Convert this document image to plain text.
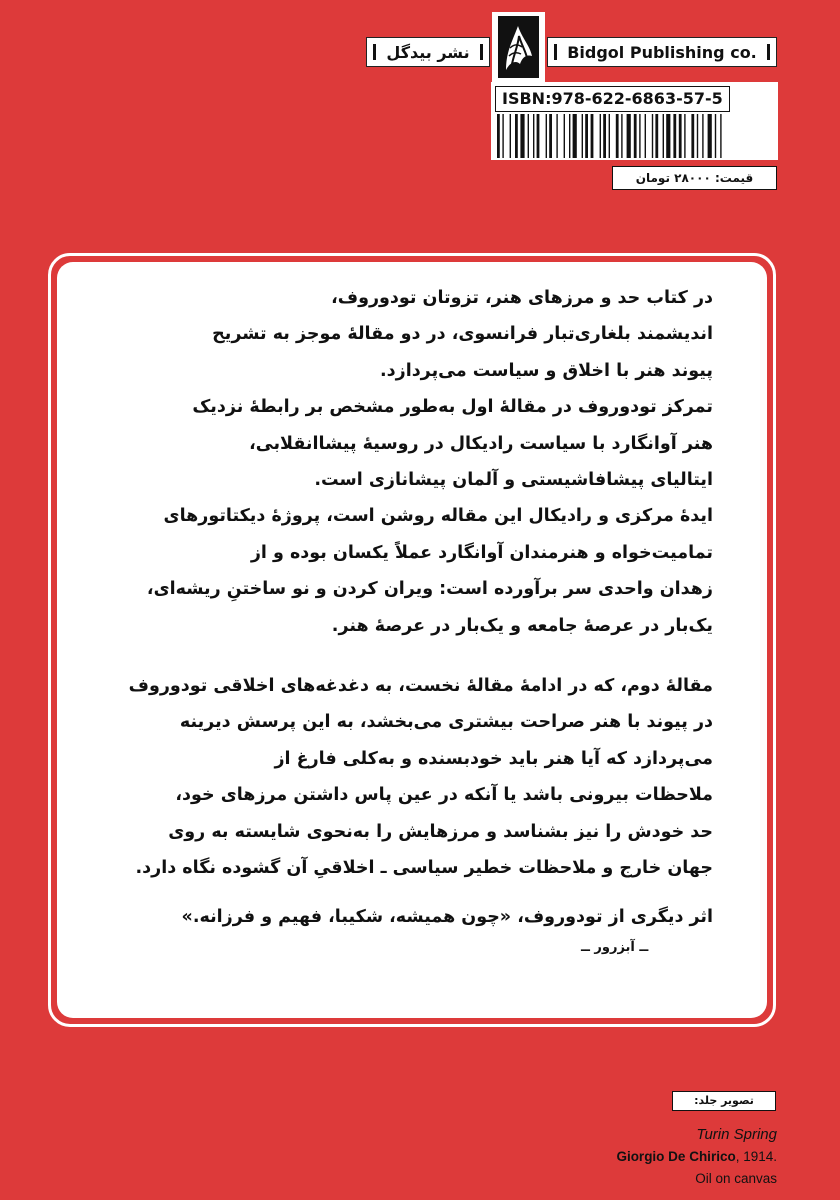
نشر بیدگل	Bidgol Publishing co.
ISBN:978-622-6863-57-5
قیمت: ۲۸۰۰۰ تومان

در کتاب حد و مرزهای هنر، تزوتان تودوروف،

اندیشمند بلغاری‌تبار فرانسوی، در دو مقالهٔ موجز به تشریح

پیوند هنر با اخلاق و سیاست می‌پردازد.

تمرکز تودوروف در مقالهٔ اول به‌طور مشخص بر رابطهٔ نزدیک

هنر آوانگارد با سیاست رادیکال در روسیهٔ پیشاانقلابی،

ایتالیای پیشافاشیستی و آلمان پیشانازی است.

ایدهٔ مرکزی و رادیکال این مقاله روشن است، پروژهٔ دیکتاتورهای

تمامیت‌خواه و هنرمندان آوانگارد عملاً یکسان بوده و از

زهدان واحدی سر برآورده است: ویران کردن و نو ساختنِ ریشه‌ای،

یک‌بار در عرصهٔ جامعه و یک‌بار در عرصهٔ هنر.

مقالهٔ دوم، که در ادامهٔ مقالهٔ نخست، به دغدغه‌های اخلاقی تودوروف

در پیوند با هنر صراحت بیشتری می‌بخشد، به این پرسش دیرینه

می‌پردازد که آیا هنر باید خودبسنده و به‌کلی فارغ از

ملاحظات بیرونی باشد یا آنکه در عین پاس داشتن مرزهای خود،

حد خودش را نیز بشناسد و مرزهایش را به‌نحوی شایسته به روی

جهان خارج و ملاحظات خطیر سیاسی ـ اخلاقیِ آن گشوده نگاه دارد.

اثر دیگری از تودوروف، «چون همیشه، شکیبا، فهیم و فرزانه.»

ــ آبزرور ــ

تصویر جلد:
Turin Spring
Giorgio De Chirico, 1914.
Oil on canvas
